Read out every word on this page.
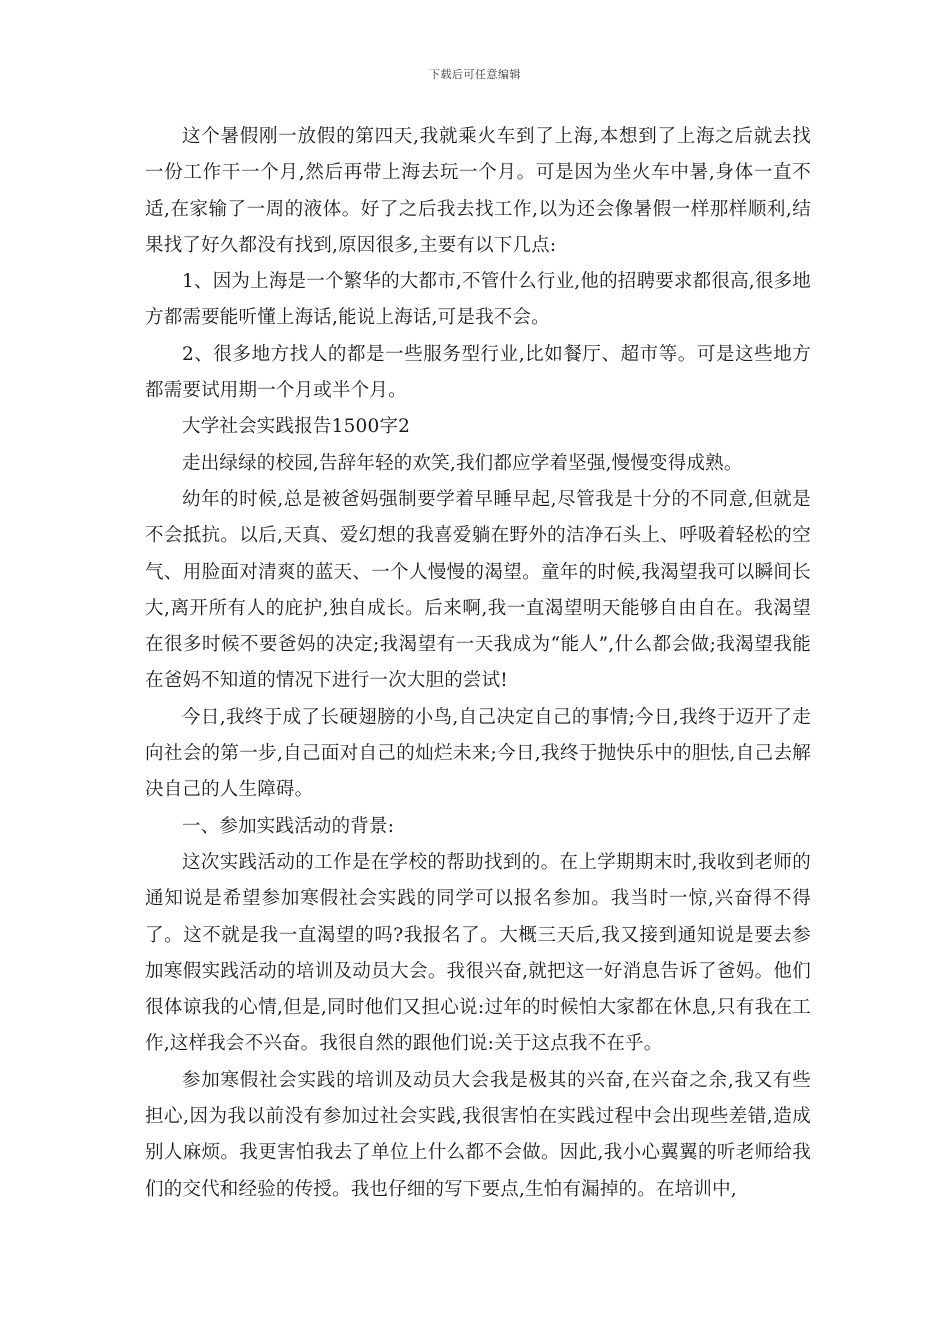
下载后可任意编辑

这个暑假刚一放假的第四天,我就乘火车到了上海,本想到了上海之后就去找一份工作干一个月,然后再带上海去玩一个月。可是因为坐火车中暑,身体一直不适,在家输了一周的液体。好了之后我去找工作,以为还会像暑假一样那样顺利,结果找了好久都没有找到,原因很多,主要有以下几点:

1、因为上海是一个繁华的大都市,不管什么行业,他的招聘要求都很高,很多地方都需要能听懂上海话,能说上海话,可是我不会。

2、很多地方找人的都是一些服务型行业,比如餐厅、超市等。可是这些地方都需要试用期一个月或半个月。

大学社会实践报告1500字2

走出绿绿的校园,告辞年轻的欢笑,我们都应学着坚强,慢慢变得成熟。

幼年的时候,总是被爸妈强制要学着早睡早起,尽管我是十分的不同意,但就是不会抵抗。以后,天真、爱幻想的我喜爱躺在野外的洁净石头上、呼吸着轻松的空气、用脸面对清爽的蓝天、一个人慢慢的渴望。童年的时候,我渴望我可以瞬间长大,离开所有人的庇护,独自成长。后来啊,我一直渴望明天能够自由自在。我渴望在很多时候不要爸妈的决定;我渴望有一天我成为“能人”,什么都会做;我渴望我能在爸妈不知道的情况下进行一次大胆的尝试!

今日,我终于成了长硬翅膀的小鸟,自己决定自己的事情;今日,我终于迈开了走向社会的第一步,自己面对自己的灿烂未来;今日,我终于抛快乐中的胆怯,自己去解决自己的人生障碍。

一、参加实践活动的背景:

这次实践活动的工作是在学校的帮助找到的。在上学期期末时,我收到老师的通知说是希望参加寒假社会实践的同学可以报名参加。我当时一惊,兴奋得不得了。这不就是我一直渴望的吗?我报名了。大概三天后,我又接到通知说是要去参加寒假实践活动的培训及动员大会。我很兴奋,就把这一好消息告诉了爸妈。他们很体谅我的心情,但是,同时他们又担心说:过年的时候怕大家都在休息,只有我在工作,这样我会不兴奋。我很自然的跟他们说:关于这点我不在乎。

参加寒假社会实践的培训及动员大会我是极其的兴奋,在兴奋之余,我又有些担心,因为我以前没有参加过社会实践,我很害怕在实践过程中会出现些差错,造成别人麻烦。我更害怕我去了单位上什么都不会做。因此,我小心翼翼的听老师给我们的交代和经验的传授。我也仔细的写下要点,生怕有漏掉的。在培训中,
